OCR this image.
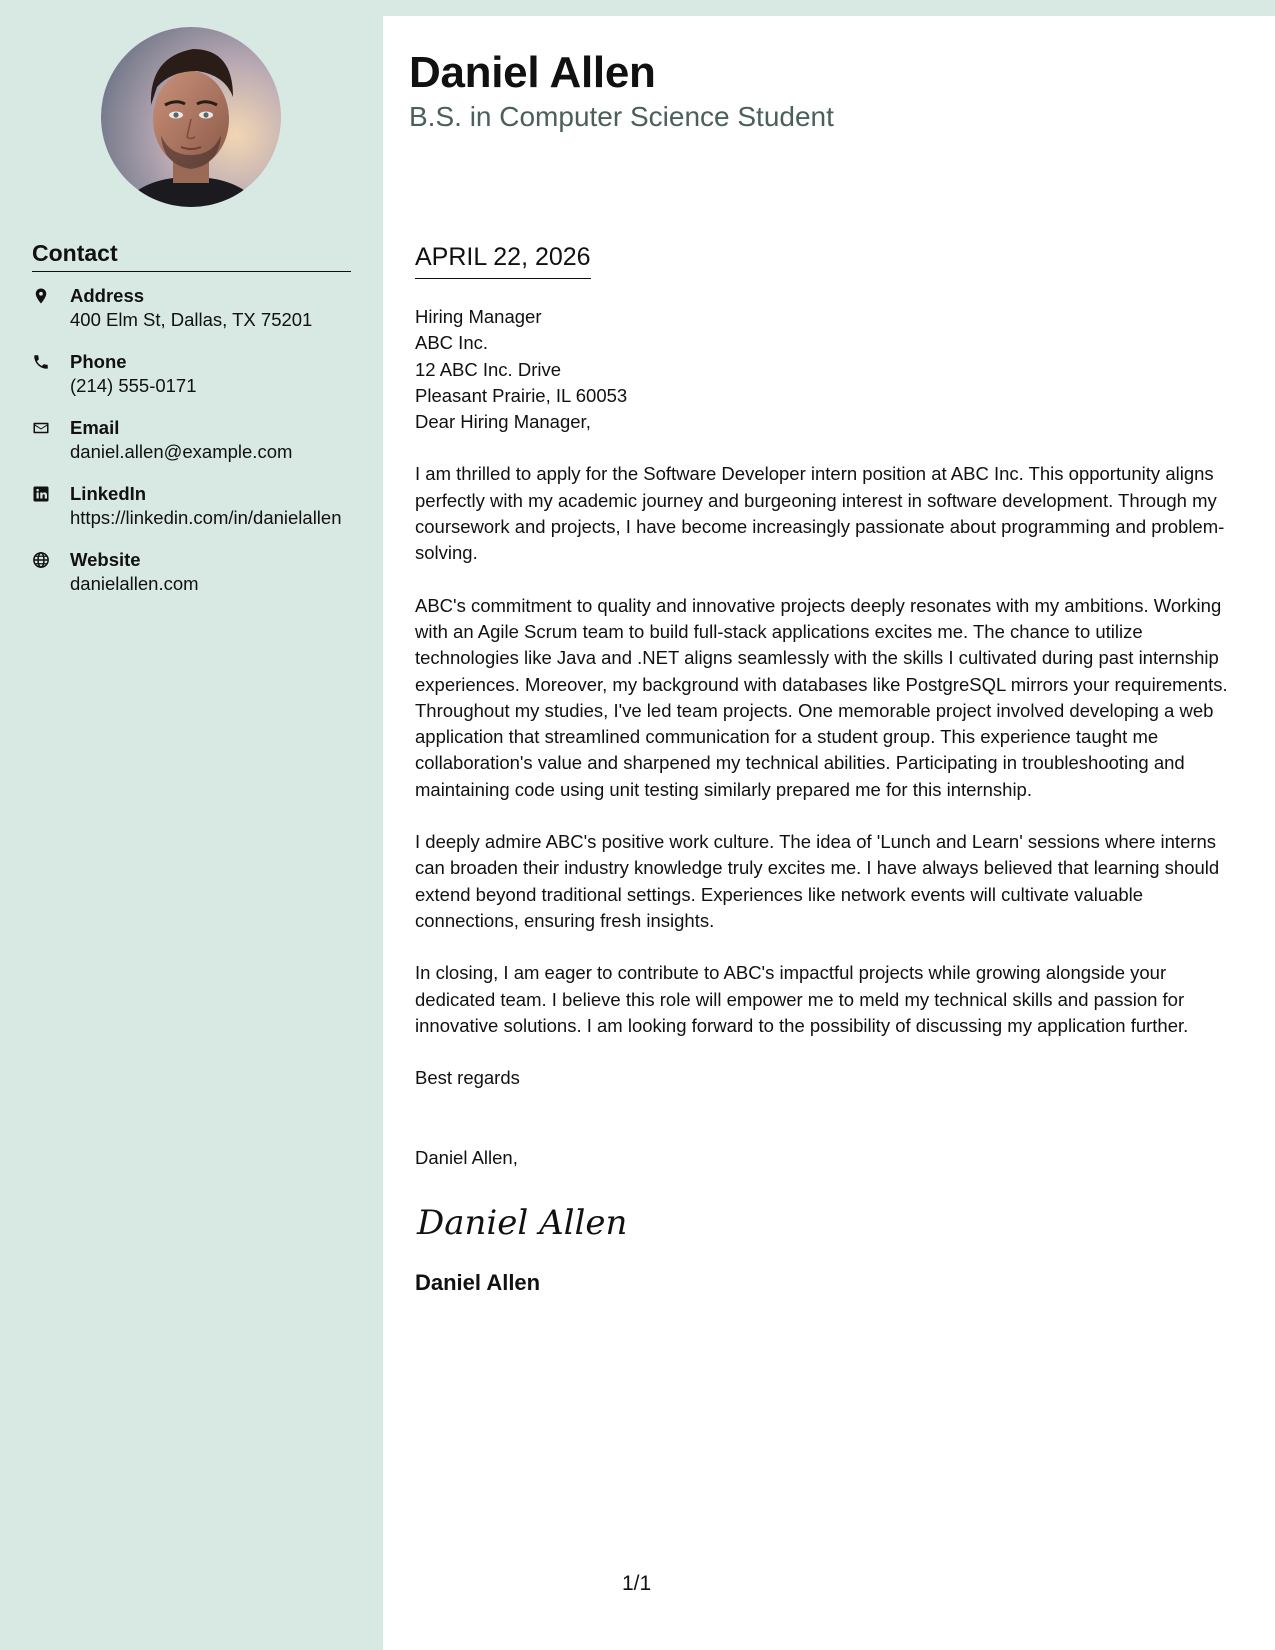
Contact
Address
400 Elm St, Dallas, TX 75201
Phone
(214) 555-0171
Email
daniel.allen@example.com
LinkedIn
https://linkedin.com/in/danielallen
Website
danielallen.com
Daniel Allen
B.S. in Computer Science Student
APRIL 22, 2026
Hiring Manager
ABC Inc.
12 ABC Inc. Drive
Pleasant Prairie, IL 60053
Dear Hiring Manager,

I am thrilled to apply for the Software Developer intern position at ABC Inc. This opportunity aligns perfectly with my academic journey and burgeoning interest in software development. Through my coursework and projects, I have become increasingly passionate about programming and problem-solving.

ABC's commitment to quality and innovative projects deeply resonates with my ambitions. Working with an Agile Scrum team to build full-stack applications excites me. The chance to utilize technologies like Java and .NET aligns seamlessly with the skills I cultivated during past internship experiences. Moreover, my background with databases like PostgreSQL mirrors your requirements. Throughout my studies, I've led team projects. One memorable project involved developing a web application that streamlined communication for a student group. This experience taught me collaboration's value and sharpened my technical abilities. Participating in troubleshooting and maintaining code using unit testing similarly prepared me for this internship.

I deeply admire ABC's positive work culture. The idea of 'Lunch and Learn' sessions where interns can broaden their industry knowledge truly excites me. I have always believed that learning should extend beyond traditional settings. Experiences like network events will cultivate valuable connections, ensuring fresh insights.

In closing, I am eager to contribute to ABC's impactful projects while growing alongside your dedicated team. I believe this role will empower me to meld my technical skills and passion for innovative solutions. I am looking forward to the possibility of discussing my application further.

Best regards

Daniel Allen,

Daniel Allen
Daniel Allen
1/1
